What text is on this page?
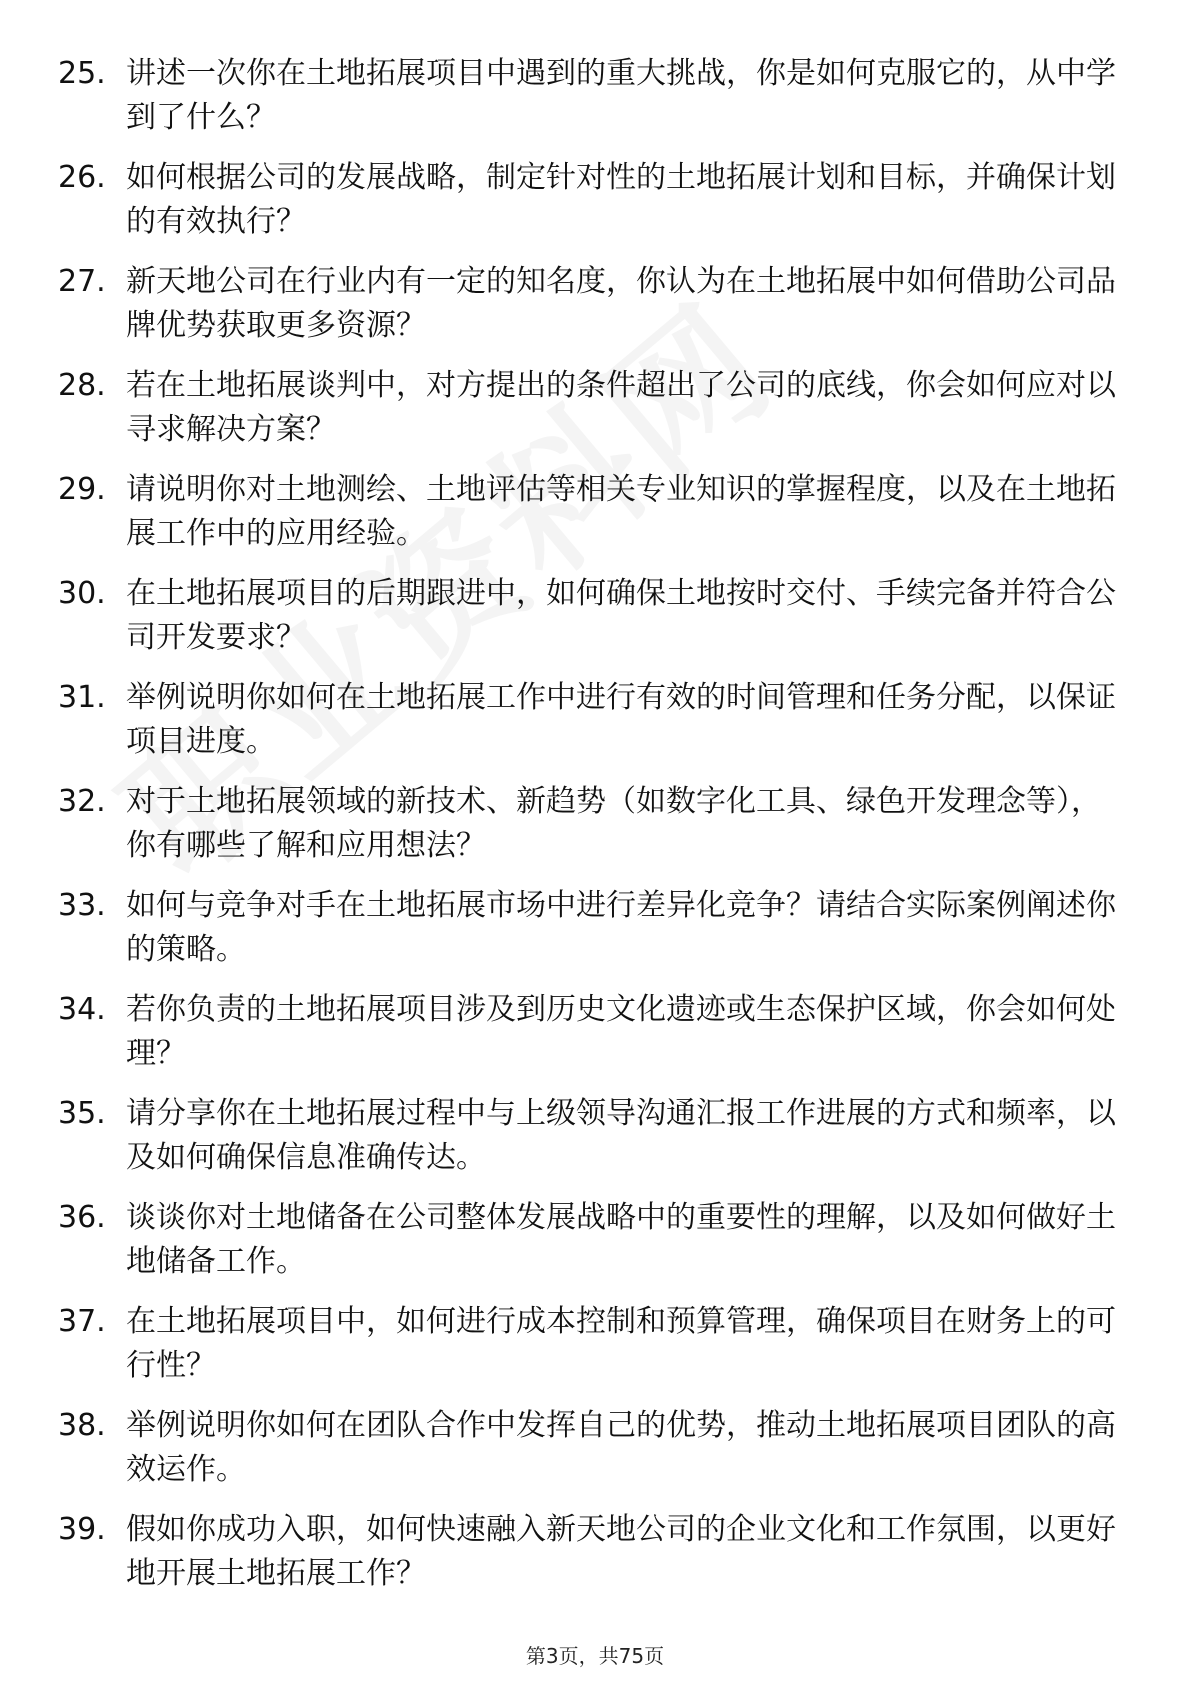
25. 讲述一次你在土地拓展项目中遇到的重大挑战，你是如何克服它的，从中学到了什么？
26. 如何根据公司的发展战略，制定针对性的土地拓展计划和目标，并确保计划的有效执行？
27. 新天地公司在行业内有一定的知名度，你认为在土地拓展中如何借助公司品牌优势获取更多资源？
28. 若在土地拓展谈判中，对方提出的条件超出了公司的底线，你会如何应对以寻求解决方案？
29. 请说明你对土地测绘、土地评估等相关专业知识的掌握程度，以及在土地拓展工作中的应用经验。
30. 在土地拓展项目的后期跟进中，如何确保土地按时交付、手续完备并符合公司开发要求？
31. 举例说明你如何在土地拓展工作中进行有效的时间管理和任务分配，以保证项目进度。
32. 对于土地拓展领域的新技术、新趋势（如数字化工具、绿色开发理念等），你有哪些了解和应用想法？
33. 如何与竞争对手在土地拓展市场中进行差异化竞争？请结合实际案例阐述你的策略。
34. 若你负责的土地拓展项目涉及到历史文化遗迹或生态保护区域，你会如何处理？
35. 请分享你在土地拓展过程中与上级领导沟通汇报工作进展的方式和频率，以及如何确保信息准确传达。
36. 谈谈你对土地储备在公司整体发展战略中的重要性的理解，以及如何做好土地储备工作。
37. 在土地拓展项目中，如何进行成本控制和预算管理，确保项目在财务上的可行性？
38. 举例说明你如何在团队合作中发挥自己的优势，推动土地拓展项目团队的高效运作。
39. 假如你成功入职，如何快速融入新天地公司的企业文化和工作氛围，以更好地开展土地拓展工作？
第3页，共75页
